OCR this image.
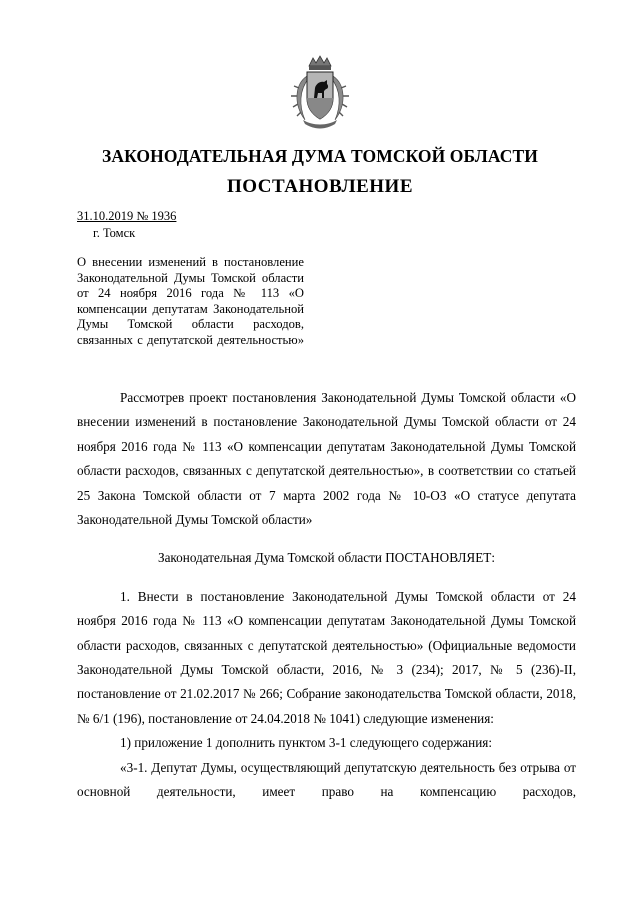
ЗАКОНОДАТЕЛЬНАЯ ДУМА ТОМСКОЙ ОБЛАСТИ
ПОСТАНОВЛЕНИЕ
31.10.2019 № 1936
г. Томск
О внесении изменений в постановление Законодательной Думы Томской области от 24 ноября 2016 года № 113 «О компенсации депутатам Законодательной Думы Томской области расходов, связанных с депутатской деятельностью»

Рассмотрев проект постановления Законодательной Думы Томской области «О внесении изменений в постановление Законодательной Думы Томской области от 24 ноября 2016 года № 113 «О компенсации депутатам Законодательной Думы Томской области расходов, связанных с депутатской деятельностью», в соответствии со статьей 25 Закона Томской области от 7 марта 2002 года № 10-ОЗ «О статусе депутата Законодательной Думы Томской области»

Законодательная Дума Томской области ПОСТАНОВЛЯЕТ:

1. Внести в постановление Законодательной Думы Томской области от 24 ноября 2016 года № 113 «О компенсации депутатам Законодательной Думы Томской области расходов, связанных с депутатской деятельностью» (Официальные ведомости Законодательной Думы Томской области, 2016, № 3 (234); 2017, № 5 (236)-II, постановление от 21.02.2017 № 266; Собрание законодательства Томской области, 2018, № 6/1 (196), постановление от 24.04.2018 № 1041) следующие изменения:

1) приложение 1 дополнить пунктом 3-1 следующего содержания:

«3-1. Депутат Думы, осуществляющий депутатскую деятельность без отрыва от основной деятельности, имеет право на компенсацию расходов,
